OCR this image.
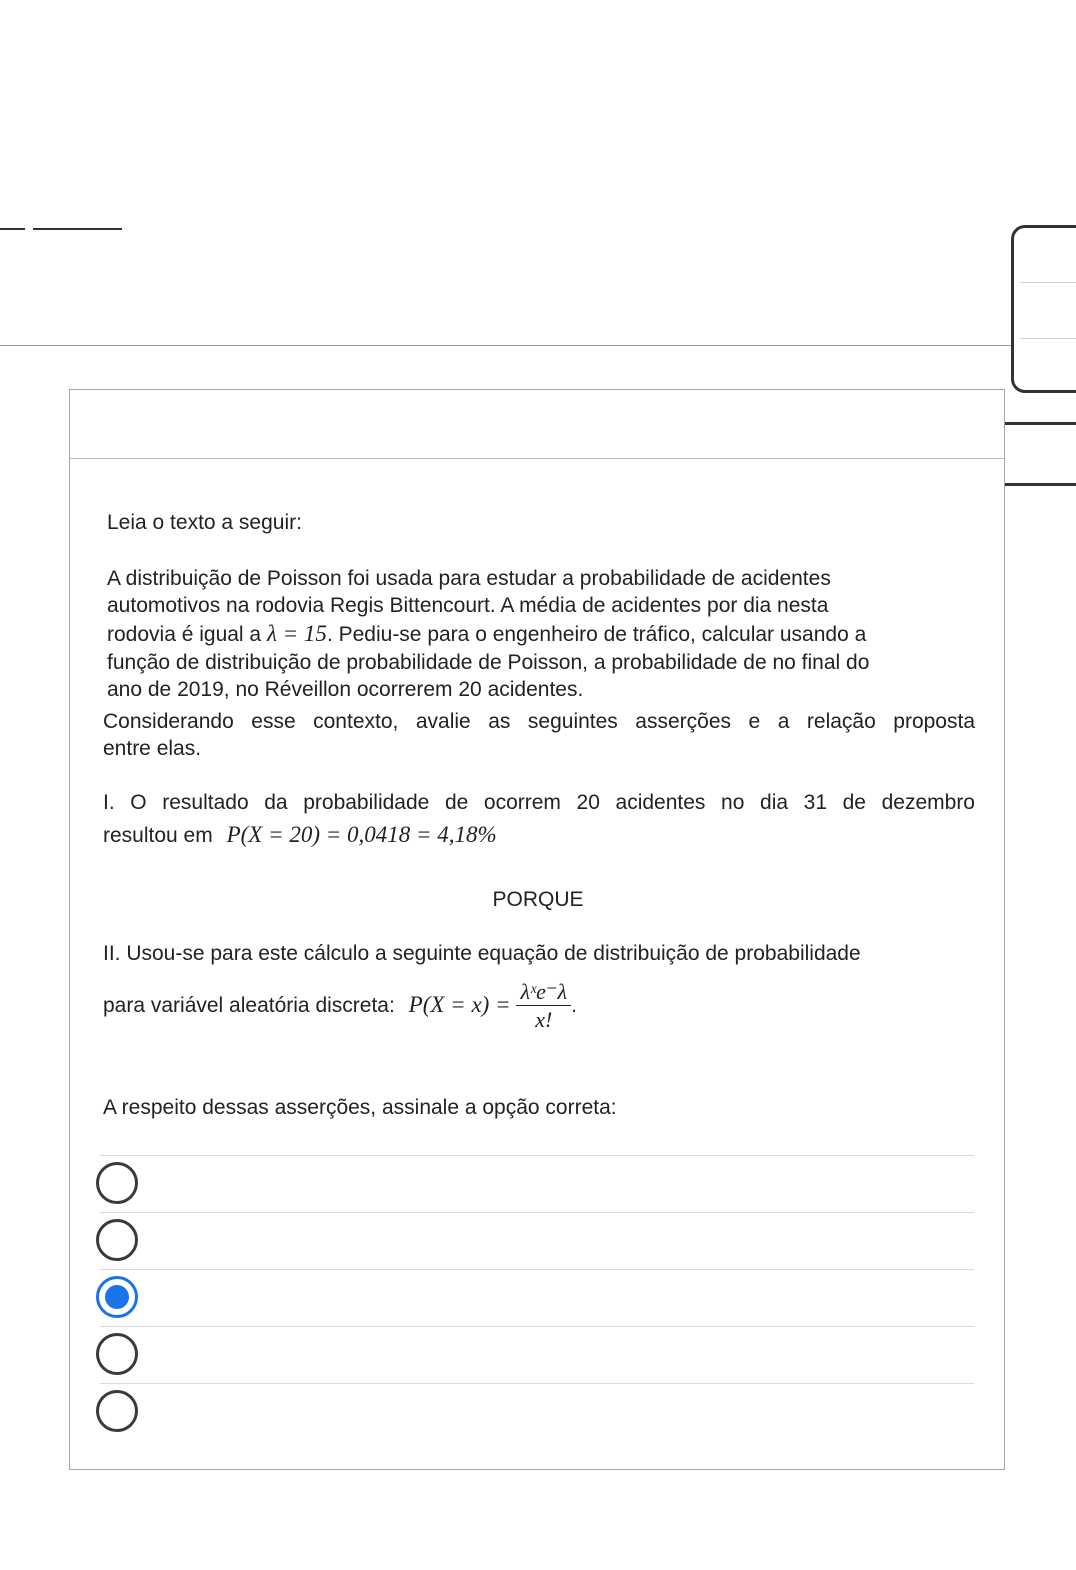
Leia o texto a seguir:
A distribuição de Poisson foi usada para estudar a probabilidade de acidentes
automotivos na rodovia Regis Bittencourt. A média de acidentes por dia nesta
rodovia é igual a λ = 15. Pediu-se para o engenheiro de tráfico, calcular usando a
função de distribuição de probabilidade de Poisson, a probabilidade de no final do
ano de 2019, no Réveillon ocorrerem 20 acidentes.
Considerando esse contexto, avalie as seguintes asserções e a relação proposta
entre elas.
I. O resultado da probabilidade de ocorrem 20 acidentes no dia 31 de dezembro
resultou em P(X = 20) = 0,0418 = 4,18%
PORQUE
II. Usou-se para este cálculo a seguinte equação de distribuição de probabilidade
para variável aleatória discreta: $P(X = x) = \frac{\text{λˣe⁻λ}}{x!}$ .
A respeito dessas asserções, assinale a opção correta:
